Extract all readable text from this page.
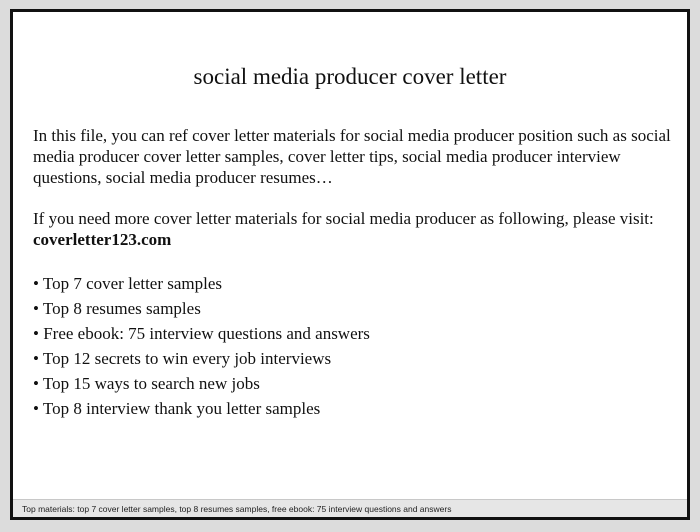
social media producer cover letter
In this file, you can ref cover letter materials for social media producer position such as social media producer cover letter samples, cover letter tips, social media producer interview questions, social media producer resumes…
If you need more cover letter materials for social media producer as following, please visit: coverletter123.com
• Top 7 cover letter samples
• Top 8 resumes samples
• Free ebook: 75 interview questions and answers
• Top 12 secrets to win every job interviews
• Top 15 ways to search new jobs
• Top 8 interview thank you letter samples
Top materials: top 7 cover letter samples, top 8 resumes samples, free ebook: 75 interview questions and answers
